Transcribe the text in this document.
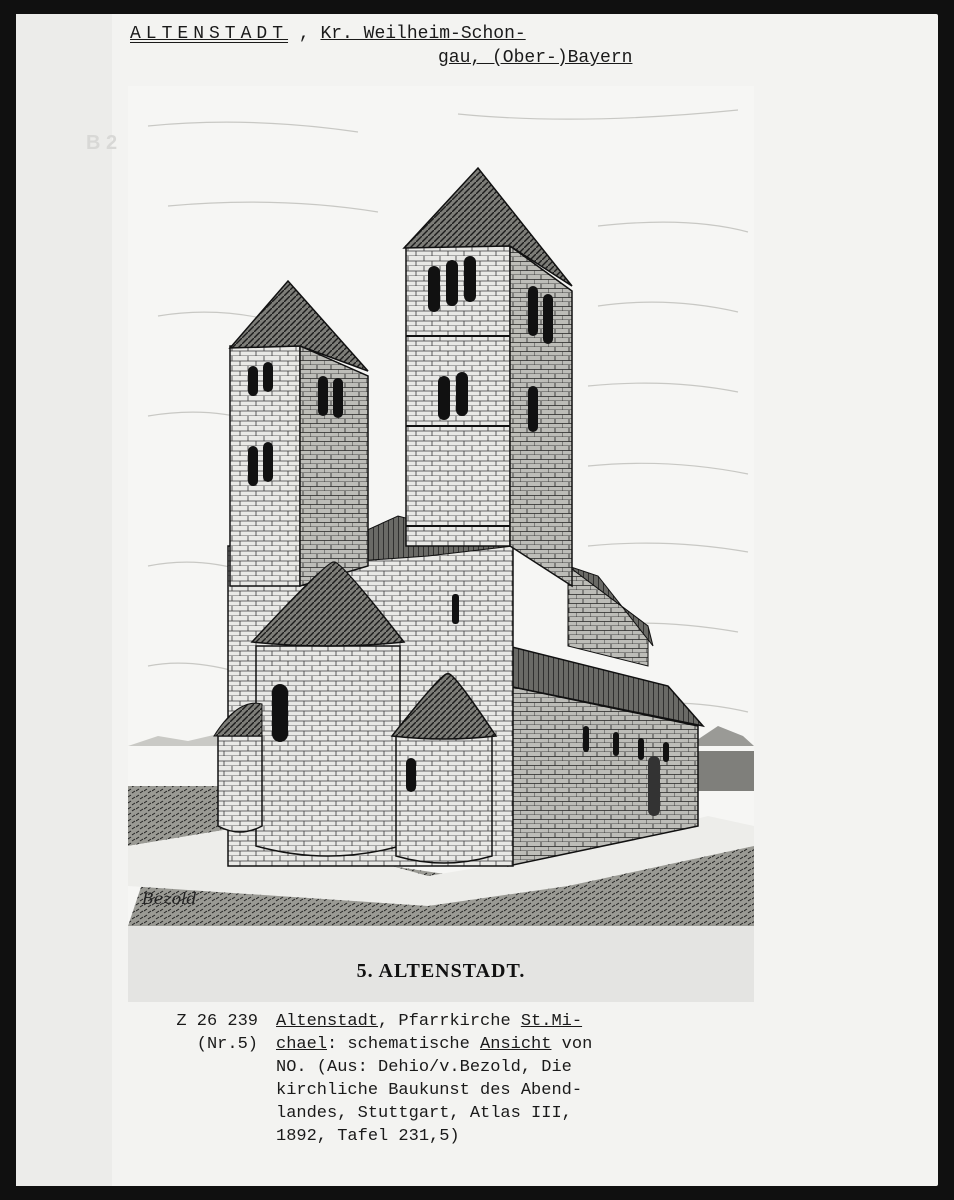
B 2
ALTENSTADT , Kr. Weilheim-Schon-
gau, (Ober-)Bayern
Bezold
5. ALTENSTADT.
Z 26 239
(Nr.5)
Altenstadt, Pfarrkirche St.Mi-
chael: schematische Ansicht von
NO. (Aus: Dehio/v.Bezold, Die
kirchliche Baukunst des Abend-
landes, Stuttgart, Atlas III,
1892, Tafel 231,5)
